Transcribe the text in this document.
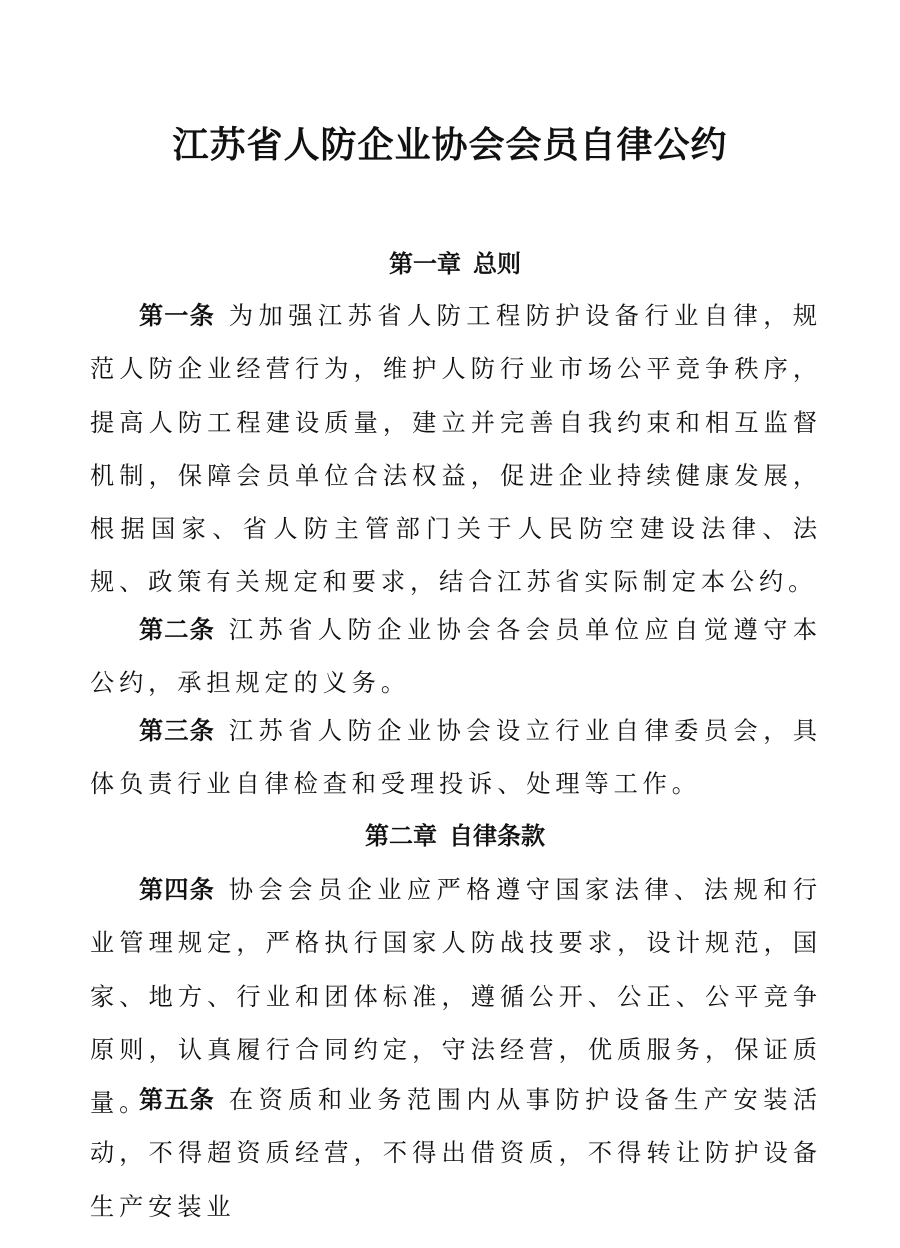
江苏省人防企业协会会员自律公约
第一章 总则

第一条 为加强江苏省人防工程防护设备行业自律，规范人防企业经营行为，维护人防行业市场公平竞争秩序，提高人防工程建设质量，建立并完善自我约束和相互监督机制，保障会员单位合法权益，促进企业持续健康发展，根据国家、省人防主管部门关于人民防空建设法律、法规、政策有关规定和要求，结合江苏省实际制定本公约。

第二条 江苏省人防企业协会各会员单位应自觉遵守本公约，承担规定的义务。

第三条 江苏省人防企业协会设立行业自律委员会，具体负责行业自律检查和受理投诉、处理等工作。

第二章 自律条款

第四条 协会会员企业应严格遵守国家法律、法规和行业管理规定，严格执行国家人防战技要求，设计规范，国家、地方、行业和团体标准，遵循公开、公正、公平竞争原则，认真履行合同约定，守法经营，优质服务，保证质量。

第五条 在资质和业务范围内从事防护设备生产安装活动，不得超资质经营，不得出借资质，不得转让防护设备生产安装业
